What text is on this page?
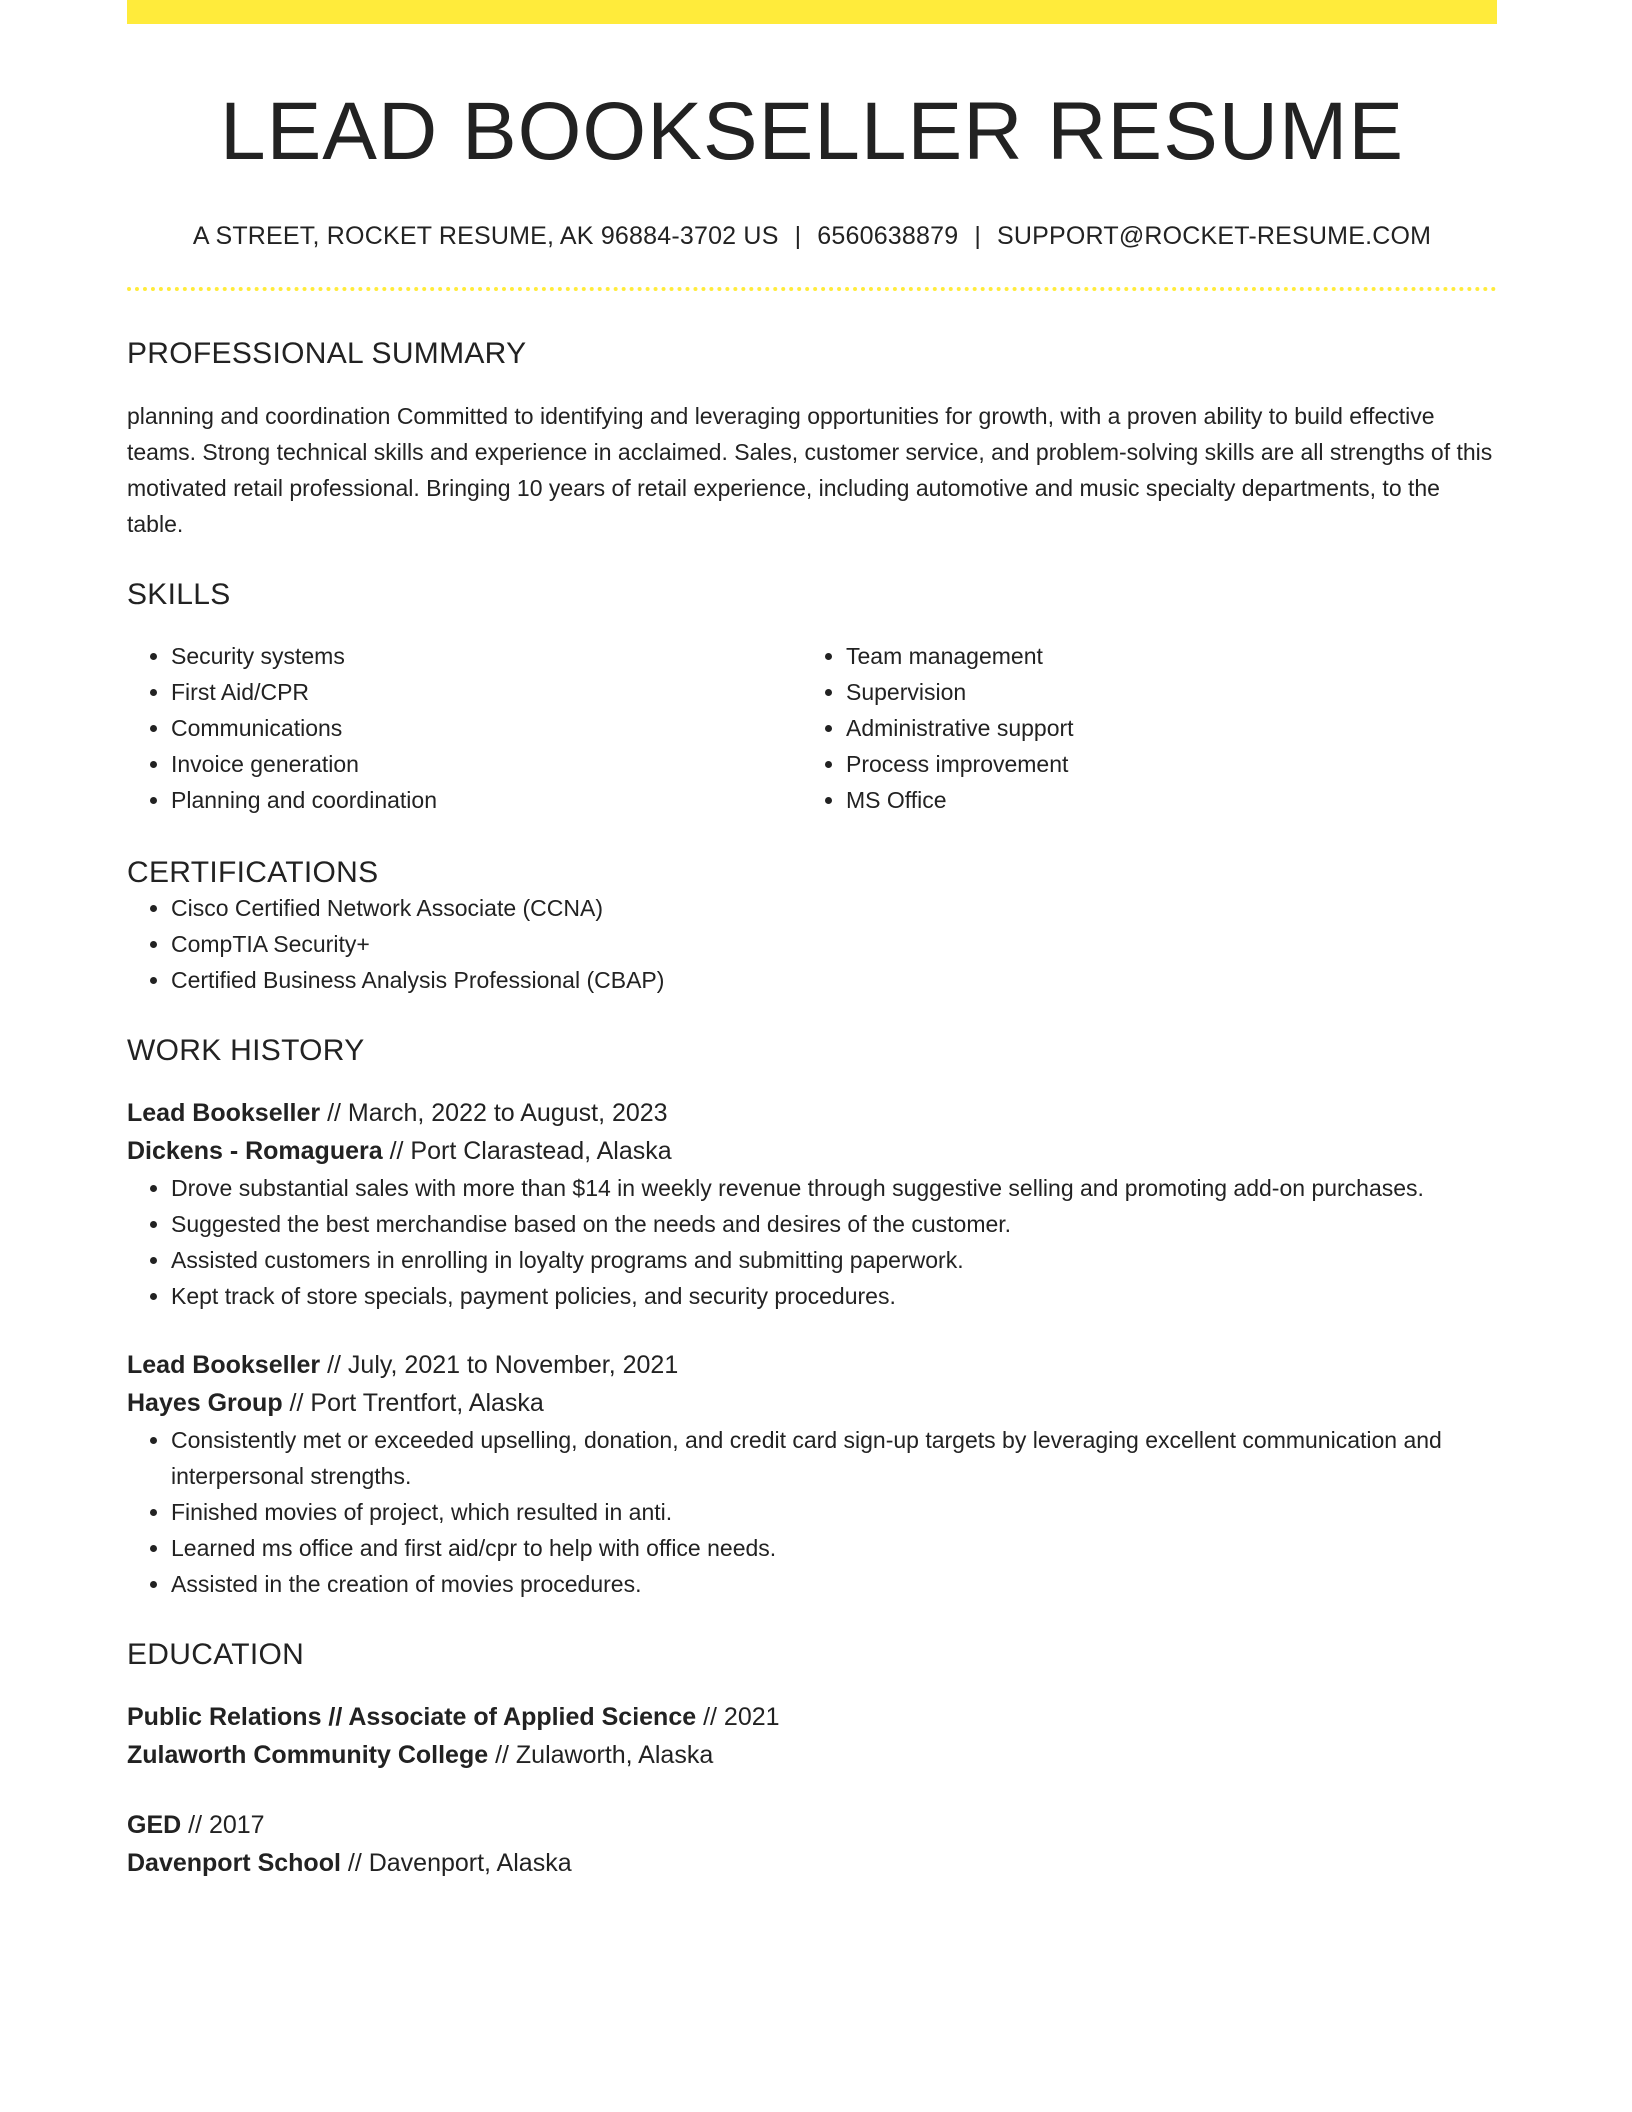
LEAD BOOKSELLER RESUME
A STREET, ROCKET RESUME, AK 96884-3702 US | 6560638879 | SUPPORT@ROCKET-RESUME.COM
PROFESSIONAL SUMMARY

planning and coordination Committed to identifying and leveraging opportunities for growth, with a proven ability to build effective teams. Strong technical skills and experience in acclaimed. Sales, customer service, and problem-solving skills are all strengths of this motivated retail professional. Bringing 10 years of retail experience, including automotive and music specialty departments, to the table.

SKILLS
• Security systems
• First Aid/CPR
• Communications
• Invoice generation
• Planning and coordination
• Team management
• Supervision
• Administrative support
• Process improvement
• MS Office
CERTIFICATIONS
• Cisco Certified Network Associate (CCNA)
• CompTIA Security+
• Certified Business Analysis Professional (CBAP)
WORK HISTORY
Lead Bookseller // March, 2022 to August, 2023
Dickens - Romaguera // Port Clarastead, Alaska
• Drove substantial sales with more than $14 in weekly revenue through suggestive selling and promoting add-on purchases.
• Suggested the best merchandise based on the needs and desires of the customer.
• Assisted customers in enrolling in loyalty programs and submitting paperwork.
• Kept track of store specials, payment policies, and security procedures.
Lead Bookseller // July, 2021 to November, 2021
Hayes Group // Port Trentfort, Alaska
• Consistently met or exceeded upselling, donation, and credit card sign-up targets by leveraging excellent communication and interpersonal strengths.
• Finished movies of project, which resulted in anti.
• Learned ms office and first aid/cpr to help with office needs.
• Assisted in the creation of movies procedures.
EDUCATION
Public Relations // Associate of Applied Science // 2021
Zulaworth Community College // Zulaworth, Alaska
GED // 2017
Davenport School // Davenport, Alaska
